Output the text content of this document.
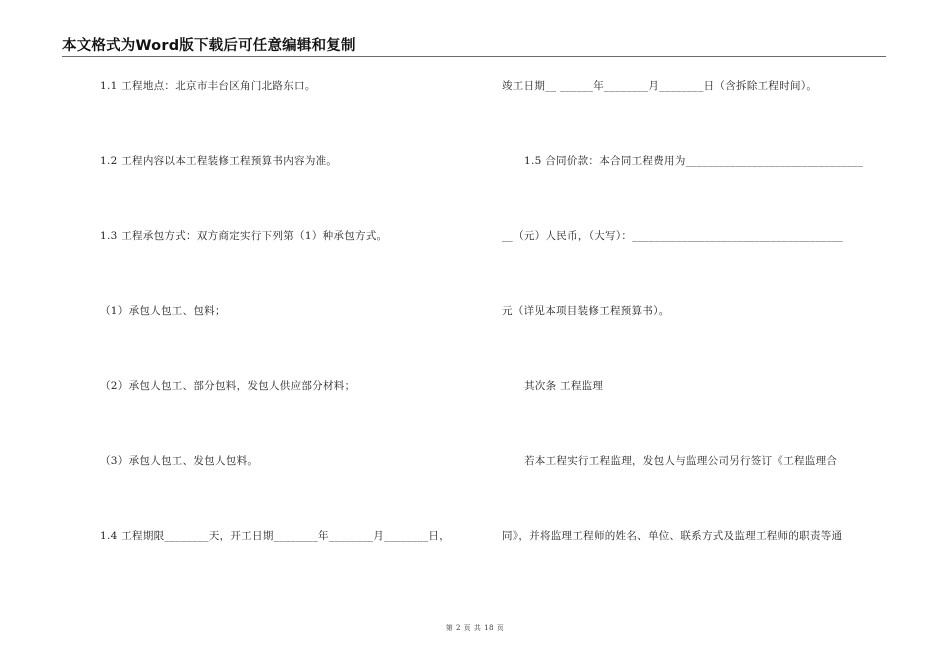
本文格式为Word版下载后可任意编辑和复制
1.1 工程地点：北京市丰台区角门北路东口。
1.2 工程内容以本工程装修工程预算书内容为准。
1.3 工程承包方式：双方商定实行下列第（1）种承包方式。
（1）承包人包工、包料；
（2）承包人包工、部分包料，发包人供应部分材料；
（3）承包人包工、发包人包料。
1.4 工程期限________天，开工日期________年________月________日，
竣工日期__ ______年________月________日（含拆除工程时间）。
1.5 合同价款：本合同工程费用为________________________________
__（元）人民币，（大写）：______________________________________
元（详见本项目装修工程预算书）。
其次条 工程监理
若本工程实行工程监理，发包人与监理公司另行签订《工程监理合
同》，并将监理工程师的姓名、单位、联系方式及监理工程师的职责等通
第 2 页 共 18 页
